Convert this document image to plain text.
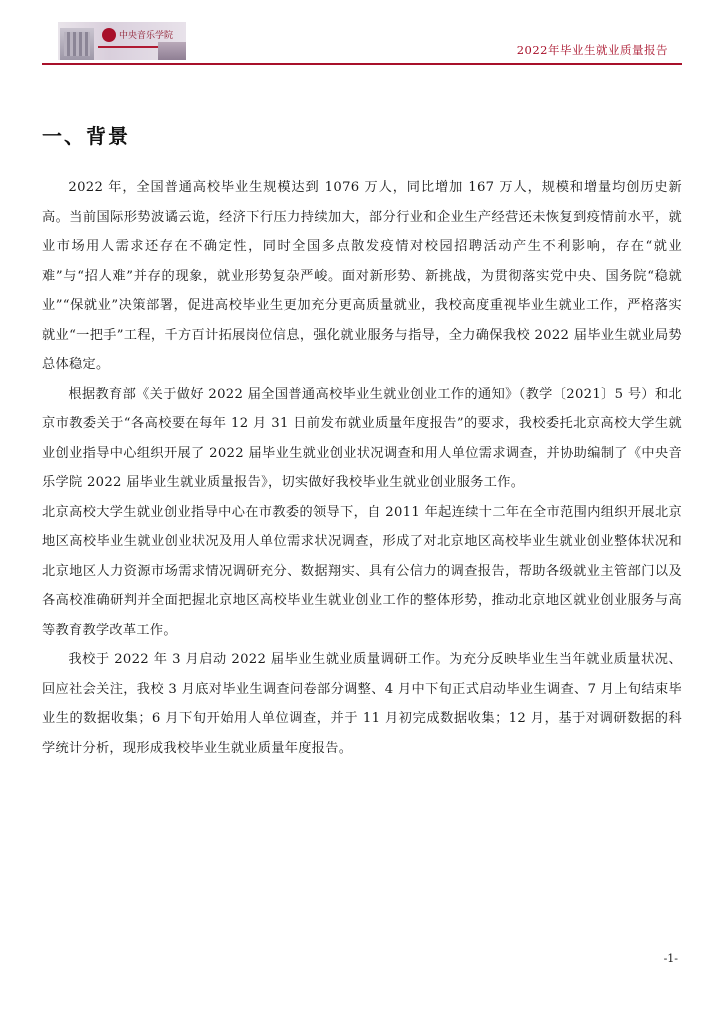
中央音乐学院
2022年毕业生就业质量报告
一、背景

2022 年，全国普通高校毕业生规模达到 1076 万人，同比增加 167 万人，规模和增量均创历史新高。当前国际形势波谲云诡，经济下行压力持续加大，部分行业和企业生产经营还未恢复到疫情前水平，就业市场用人需求还存在不确定性，同时全国多点散发疫情对校园招聘活动产生不利影响，存在“就业难”与“招人难”并存的现象，就业形势复杂严峻。面对新形势、新挑战，为贯彻落实党中央、国务院“稳就业”“保就业”决策部署，促进高校毕业生更加充分更高质量就业，我校高度重视毕业生就业工作，严格落实就业“一把手”工程，千方百计拓展岗位信息，强化就业服务与指导，全力确保我校 2022 届毕业生就业局势总体稳定。

根据教育部《关于做好 2022 届全国普通高校毕业生就业创业工作的通知》（教学〔2021〕5 号）和北京市教委关于“各高校要在每年 12 月 31 日前发布就业质量年度报告”的要求，我校委托北京高校大学生就业创业指导中心组织开展了 2022 届毕业生就业创业状况调查和用人单位需求调查，并协助编制了《中央音乐学院 2022 届毕业生就业质量报告》，切实做好我校毕业生就业创业服务工作。

北京高校大学生就业创业指导中心在市教委的领导下，自 2011 年起连续十二年在全市范围内组织开展北京地区高校毕业生就业创业状况及用人单位需求状况调查，形成了对北京地区高校毕业生就业创业整体状况和北京地区人力资源市场需求情况调研充分、数据翔实、具有公信力的调查报告，帮助各级就业主管部门以及各高校准确研判并全面把握北京地区高校毕业生就业创业工作的整体形势，推动北京地区就业创业服务与高等教育教学改革工作。

我校于 2022 年 3 月启动 2022 届毕业生就业质量调研工作。为充分反映毕业生当年就业质量状况、回应社会关注，我校 3 月底对毕业生调查问卷部分调整、4 月中下旬正式启动毕业生调查、7 月上旬结束毕业生的数据收集；6 月下旬开始用人单位调查，并于 11 月初完成数据收集；12 月，基于对调研数据的科学统计分析，现形成我校毕业生就业质量年度报告。

-1-
